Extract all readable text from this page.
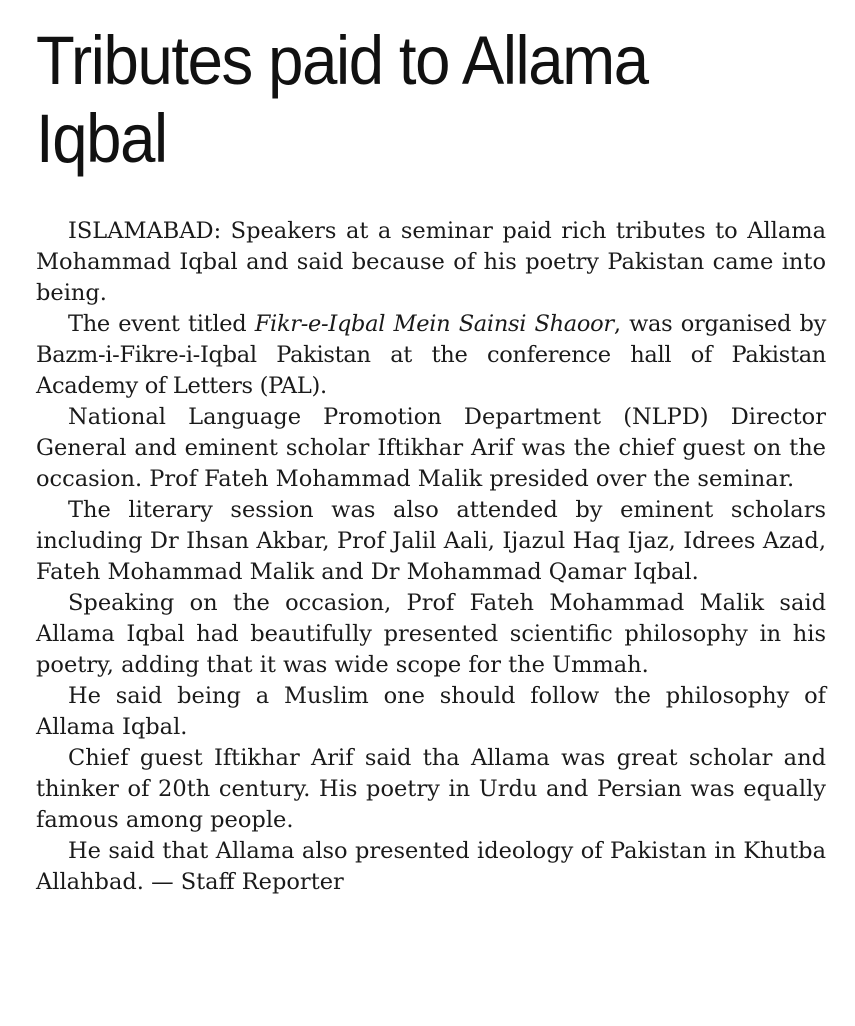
Tributes paid to Allama Iqbal

ISLAMABAD: Speakers at a seminar paid rich tributes to Allama Mohammad Iqbal and said because of his poetry Pakistan came into being.

The event titled Fikr-e-Iqbal Mein Sainsi Shaoor, was organised by Bazm-i-Fikre-i-Iqbal Pakistan at the conference hall of Pakistan Academy of Letters (PAL).

National Language Promotion Department (NLPD) Director General and eminent scholar Iftikhar Arif was the chief guest on the occasion. Prof Fateh Mohammad Malik presided over the seminar.

The literary session was also attended by eminent scholars including Dr Ihsan Akbar, Prof Jalil Aali, Ijazul Haq Ijaz, Idrees Azad, Fateh Mohammad Malik and Dr Mohammad Qamar Iqbal.

Speaking on the occasion, Prof Fateh Mohammad Malik said Allama Iqbal had beautifully presented scientific philosophy in his poetry, adding that it was wide scope for the Ummah.

He said being a Muslim one should follow the philosophy of Allama Iqbal.

Chief guest Iftikhar Arif said tha Allama was great scholar and thinker of 20th century. His poetry in Urdu and Persian was equally famous among people.

He said that Allama also presented ideology of Pakistan in Khutba Allahbad. — Staff Reporter
